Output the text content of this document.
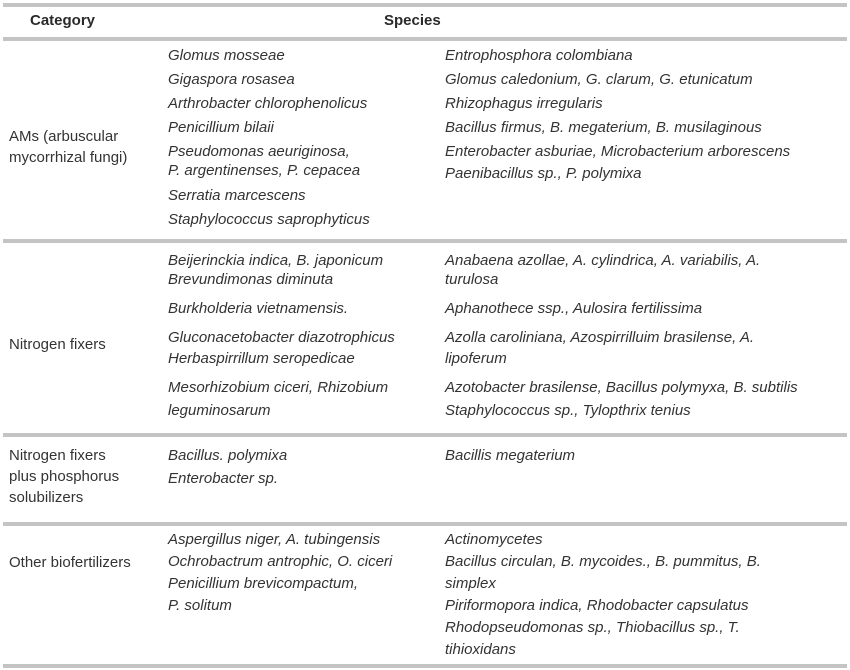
Category	Species
AMs (arbuscular
mycorrhizal fungi)
Glomus mosseae
Gigaspora rosasea
Arthrobacter chlorophenolicus
Penicillium bilaii
Pseudomonas aeuriginosa,
P. argentinenses, P. cepacea
Serratia marcescens
Staphylococcus saprophyticus
Entrophosphora colombiana
Glomus caledonium, G. clarum, G. etunicatum
Rhizophagus irregularis
Bacillus firmus, B. megaterium, B. musilaginous
Enterobacter asburiae, Microbacterium arborescens
Paenibacillus sp., P. polymixa
Nitrogen fixers
Beijerinckia indica, B. japonicum
Brevundimonas diminuta
Burkholderia vietnamensis.
Gluconacetobacter diazotrophicus
Herbaspirrillum seropedicae
Mesorhizobium ciceri, Rhizobium
leguminosarum
Anabaena azollae, A. cylindrica, A. variabilis, A.
turulosa
Aphanothece ssp., Aulosira fertilissima
Azolla caroliniana, Azospirrilluim brasilense, A.
lipoferum
Azotobacter brasilense, Bacillus polymyxa, B. subtilis
Staphylococcus sp., Tylopthrix tenius
Nitrogen fixers
plus phosphorus
solubilizers
Bacillus. polymixa
Enterobacter sp.
Bacillis megaterium
Other biofertilizers
Aspergillus niger, A. tubingensis
Ochrobactrum antrophic, O. ciceri
Penicillium brevicompactum,
P. solitum
Actinomycetes
Bacillus circulan, B. mycoides., B. pummitus, B.
simplex
Piriformopora indica, Rhodobacter capsulatus
Rhodopseudomonas sp., Thiobacillus sp., T.
tihioxidans
